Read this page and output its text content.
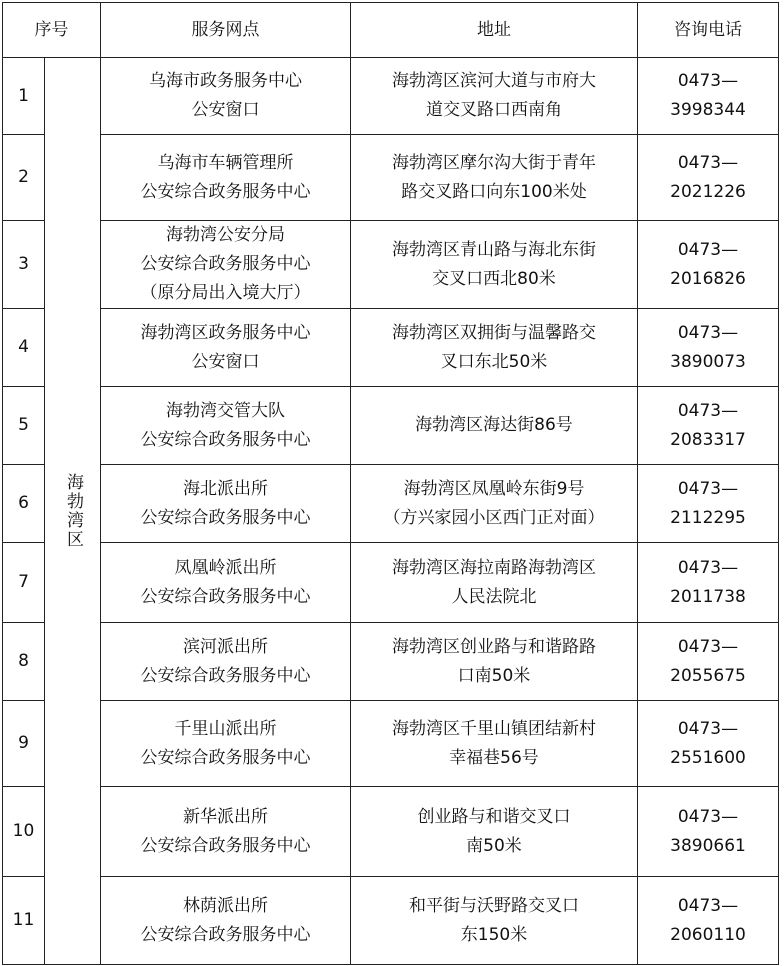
序号		服务网点	地址	咨询电话
1	海勃湾区	乌海市政务服务中心
公安窗口	海勃湾区滨河大道与市府大
道交叉路口西南角	0473—
3998344

2		乌海市车辆管理所
公安综合政务服务中心	海勃湾区摩尔沟大街于青年
路交叉路口向东100米处	0473—
2021226

3		海勃湾公安分局
公安综合政务服务中心
（原分局出入境大厅）	海勃湾区青山路与海北东街
交叉口西北80米	0473—
2016826

4		海勃湾区政务服务中心
公安窗口	海勃湾区双拥街与温馨路交
叉口东北50米	0473—
3890073

5		海勃湾交管大队
公安综合政务服务中心	海勃湾区海达街86号	0473—
2083317

6		海北派出所
公安综合政务服务中心	海勃湾区凤凰岭东街9号
（方兴家园小区西门正对面）	0473—
2112295

7		凤凰岭派出所
公安综合政务服务中心	海勃湾区海拉南路海勃湾区
人民法院北	0473—
2011738

8		滨河派出所
公安综合政务服务中心	海勃湾区创业路与和谐路路
口南50米	0473—
2055675

9		千里山派出所
公安综合政务服务中心	海勃湾区千里山镇团结新村
幸福巷56号	0473—
2551600

10		新华派出所
公安综合政务服务中心	创业路与和谐交叉口
南50米	0473—
3890661

11		林荫派出所
公安综合政务服务中心	和平街与沃野路交叉口
东150米	0473—
2060110
